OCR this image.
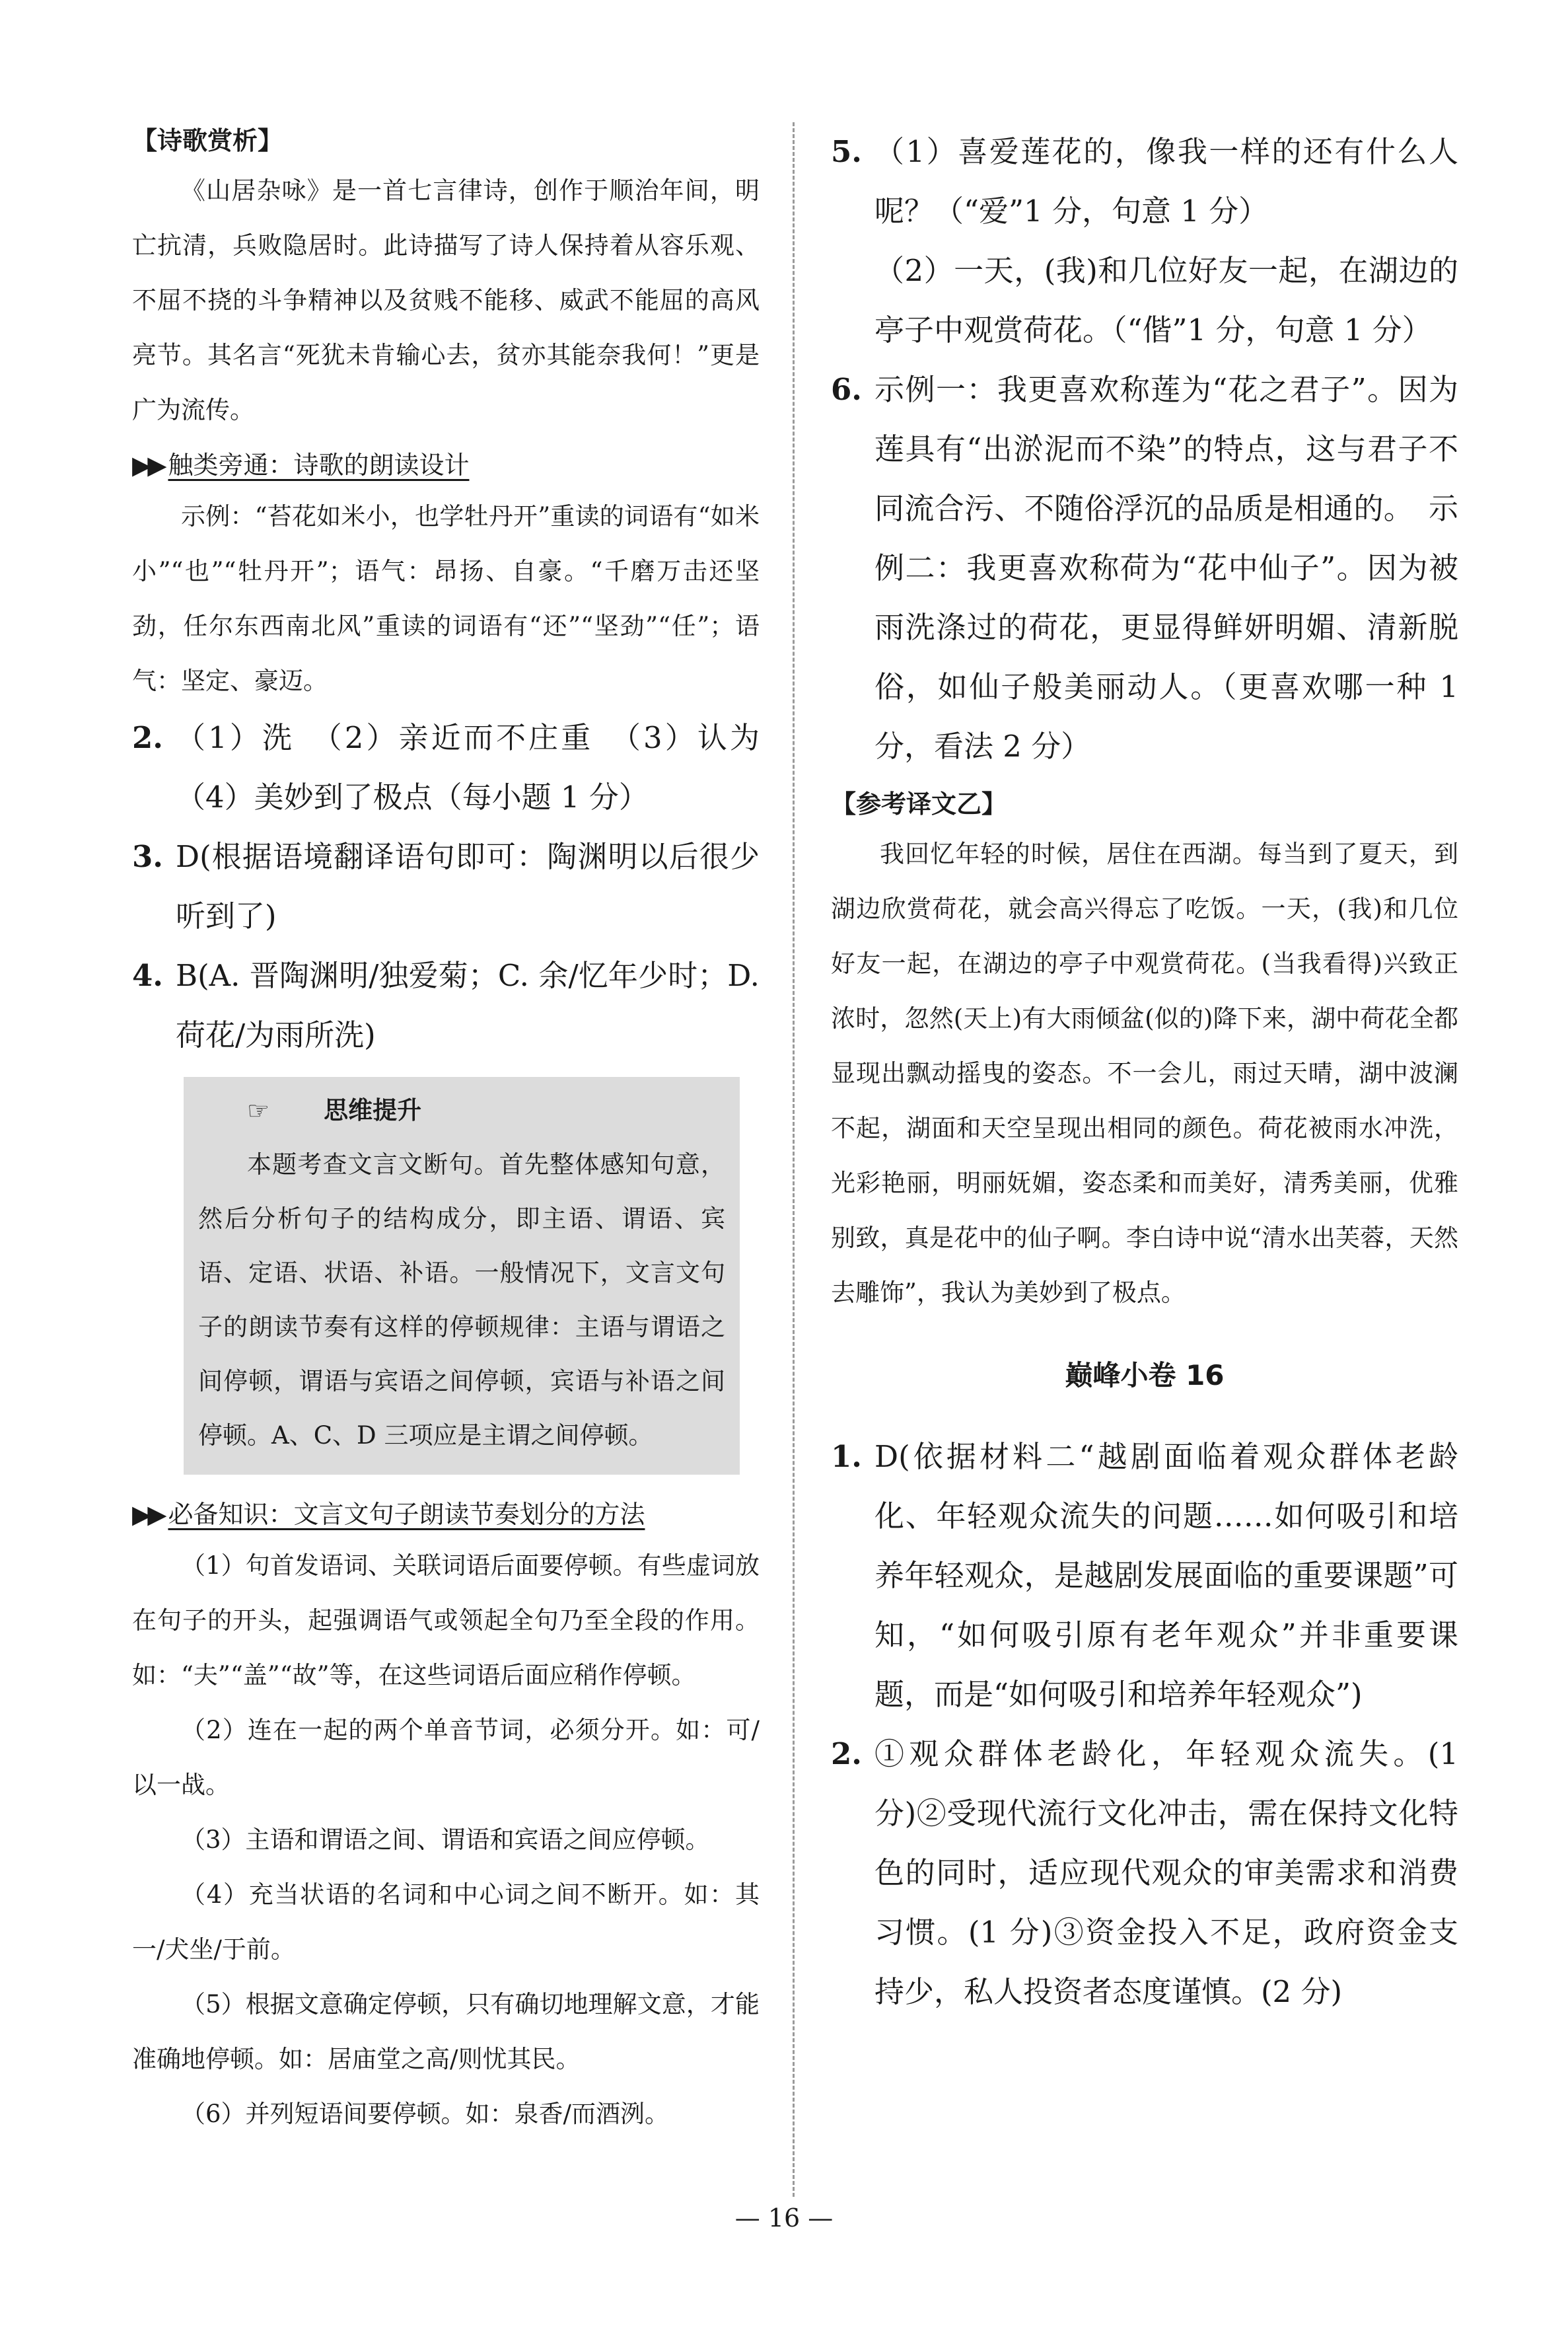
【诗歌赏析】

《山居杂咏》是一首七言律诗，创作于顺治年间，明亡抗清，兵败隐居时。此诗描写了诗人保持着从容乐观、不屈不挠的斗争精神以及贫贱不能移、威武不能屈的高风亮节。其名言“死犹未肯输心去，贫亦其能奈我何！”更是广为流传。

▶▶ 触类旁通：诗歌的朗读设计

示例：“苔花如米小，也学牡丹开”重读的词语有“如米小”“也”“牡丹开”；语气：昂扬、自豪。“千磨万击还坚劲，任尔东西南北风”重读的词语有“还”“坚劲”“任”；语气：坚定、豪迈。

2. （1）洗　（2）亲近而不庄重　（3）认为（4）美妙到了极点（每小题 1 分）
3. D(根据语境翻译语句即可：陶渊明以后很少听到了)
4. B(A. 晋陶渊明/独爱菊；C. 余/忆年少时；D. 荷花/为雨所洗)

☞	思维提升

本题考查文言文断句。首先整体感知句意，然后分析句子的结构成分，即主语、谓语、宾语、定语、状语、补语。一般情况下，文言文句子的朗读节奏有这样的停顿规律：主语与谓语之间停顿，谓语与宾语之间停顿，宾语与补语之间停顿。A、C、D 三项应是主谓之间停顿。

▶▶ 必备知识：文言文句子朗读节奏划分的方法

（1）句首发语词、关联词语后面要停顿。有些虚词放在句子的开头，起强调语气或领起全句乃至全段的作用。如：“夫”“盖”“故”等，在这些词语后面应稍作停顿。

（2）连在一起的两个单音节词，必须分开。如：可/以一战。

（3）主语和谓语之间、谓语和宾语之间应停顿。

（4）充当状语的名词和中心词之间不断开。如：其一/犬坐/于前。

（5）根据文意确定停顿，只有确切地理解文意，才能准确地停顿。如：居庙堂之高/则忧其民。

（6）并列短语间要停顿。如：泉香/而酒洌。

5. （1）喜爱莲花的，像我一样的还有什么人呢？（“爱”1 分，句意 1 分）
（2）一天，(我)和几位好友一起，在湖边的亭子中观赏荷花。（“偕”1 分，句意 1 分）
6. 示例一：我更喜欢称莲为“花之君子”。因为莲具有“出淤泥而不染”的特点，这与君子不同流合污、不随俗浮沉的品质是相通的。　示例二：我更喜欢称荷为“花中仙子”。因为被雨洗涤过的荷花，更显得鲜妍明媚、清新脱俗，如仙子般美丽动人。（更喜欢哪一种 1 分，看法 2 分）

【参考译文乙】

我回忆年轻的时候，居住在西湖。每当到了夏天，到湖边欣赏荷花，就会高兴得忘了吃饭。一天，(我)和几位好友一起，在湖边的亭子中观赏荷花。(当我看得)兴致正浓时，忽然(天上)有大雨倾盆(似的)降下来，湖中荷花全都显现出飘动摇曳的姿态。不一会儿，雨过天晴，湖中波澜不起，湖面和天空呈现出相同的颜色。荷花被雨水冲洗，光彩艳丽，明丽妩媚，姿态柔和而美好，清秀美丽，优雅别致，真是花中的仙子啊。李白诗中说“清水出芙蓉，天然去雕饰”，我认为美妙到了极点。

巅峰小卷 16

1. D(依据材料二“越剧面临着观众群体老龄化、年轻观众流失的问题……如何吸引和培养年轻观众，是越剧发展面临的重要课题”可知，“如何吸引原有老年观众”并非重要课题，而是“如何吸引和培养年轻观众”)
2. ①观众群体老龄化，年轻观众流失。(1 分)②受现代流行文化冲击，需在保持文化特色的同时，适应现代观众的审美需求和消费习惯。(1 分)③资金投入不足，政府资金支持少，私人投资者态度谨慎。(2 分)
— 16 —
